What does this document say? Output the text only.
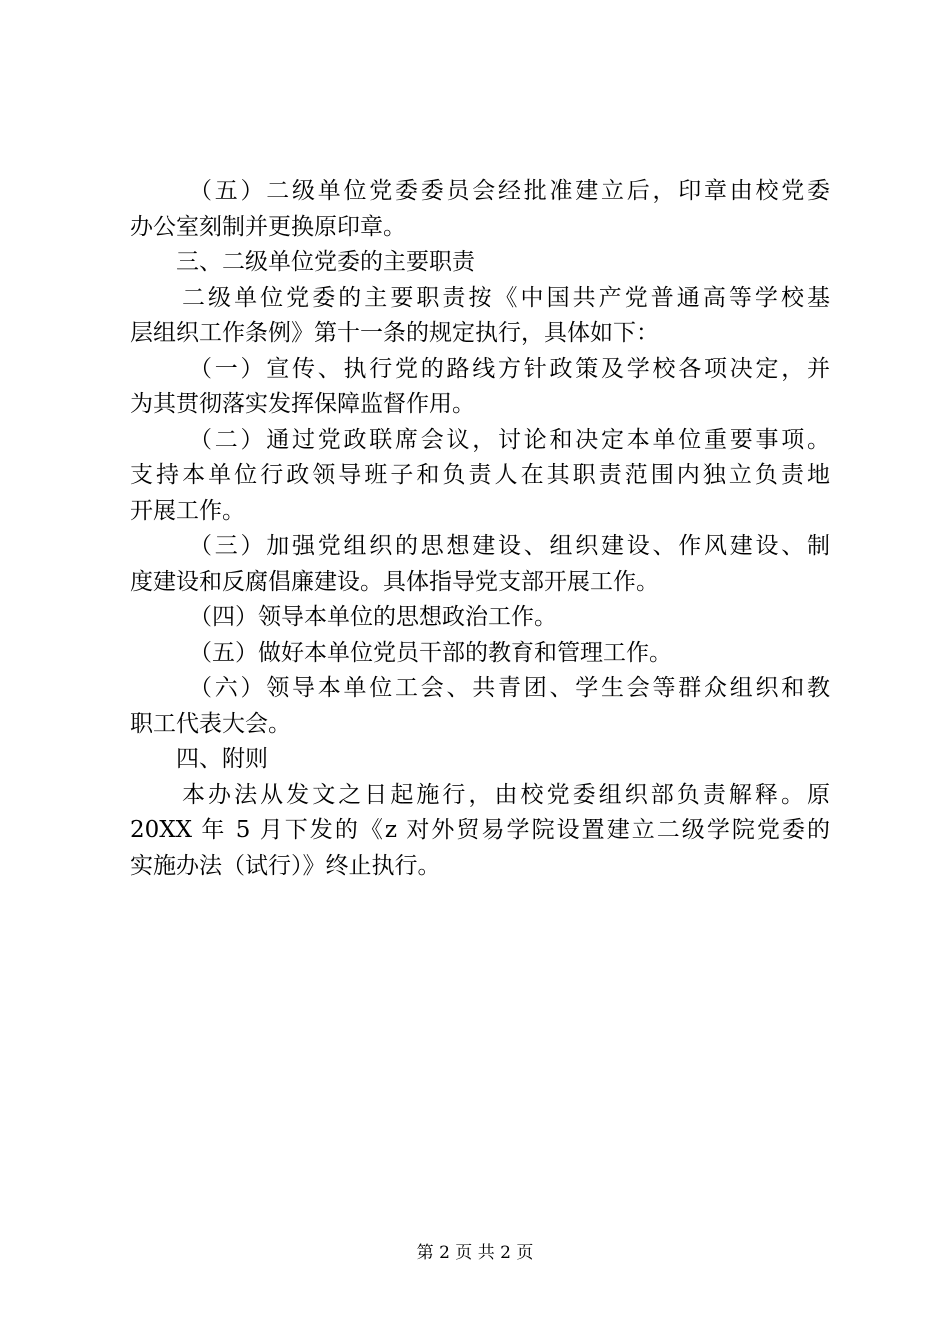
（五）二级单位党委委员会经批准建立后，印章由校党委
办公室刻制并更换原印章。
三、二级单位党委的主要职责
二级单位党委的主要职责按《中国共产党普通高等学校基
层组织工作条例》第十一条的规定执行，具体如下：
（一）宣传、执行党的路线方针政策及学校各项决定，并
为其贯彻落实发挥保障监督作用。
（二）通过党政联席会议，讨论和决定本单位重要事项。
支持本单位行政领导班子和负责人在其职责范围内独立负责地
开展工作。
（三）加强党组织的思想建设、组织建设、作风建设、制
度建设和反腐倡廉建设。具体指导党支部开展工作。
（四）领导本单位的思想政治工作。
（五）做好本单位党员干部的教育和管理工作。
（六）领导本单位工会、共青团、学生会等群众组织和教
职工代表大会。
四、附则
本办法从发文之日起施行，由校党委组织部负责解释。原
20XX 年 5 月下发的《z 对外贸易学院设置建立二级学院党委的
实施办法（试行）》终止执行。
第 2 页 共 2 页
